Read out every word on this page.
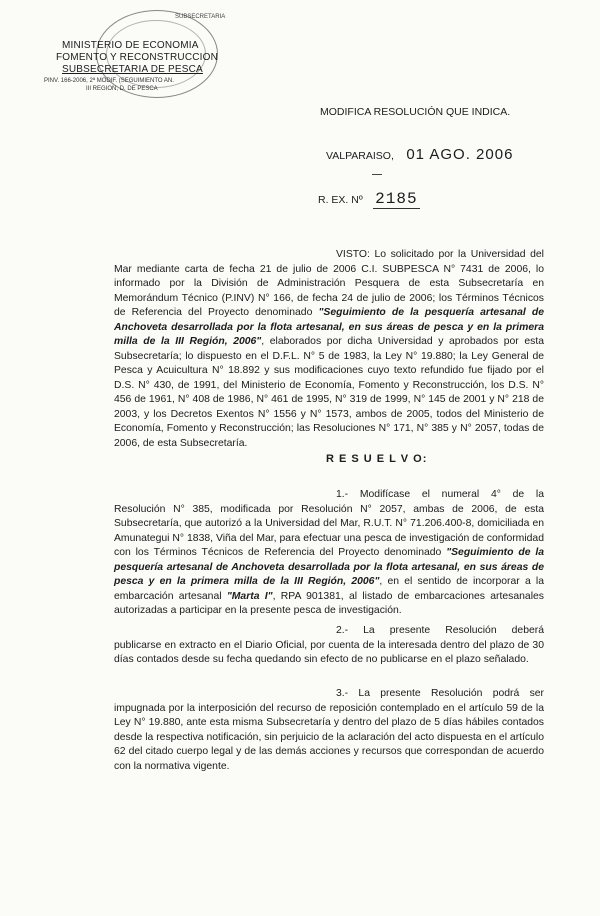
SUBSECRETARIA
MINISTERIO DE ECONOMIA
FOMENTO Y RECONSTRUCCION
SUBSECRETARIA DE PESCA
PINV. 166-2006, 2ª MODIF. (SEGUIMIENTO AN.
III REGION, D. DE PESCA
MODIFICA RESOLUCIÓN QUE INDICA.
VALPARAISO, 01 AGO. 2006
R. EX. Nº 2185

VISTO: Lo solicitado por la Universidad del Mar mediante carta de fecha 21 de julio de 2006 C.I. SUBPESCA N° 7431 de 2006, lo informado por la División de Administración Pesquera de esta Subsecretaría en Memorándum Técnico (P.INV) N° 166, de fecha 24 de julio de 2006; los Términos Técnicos de Referencia del Proyecto denominado "Seguimiento de la pesquería artesanal de Anchoveta desarrollada por la flota artesanal, en sus áreas de pesca y en la primera milla de la III Región, 2006", elaborados por dicha Universidad y aprobados por esta Subsecretaría; lo dispuesto en el D.F.L. N° 5 de 1983, la Ley N° 19.880; la Ley General de Pesca y Acuicultura N° 18.892 y sus modificaciones cuyo texto refundido fue fijado por el D.S. N° 430, de 1991, del Ministerio de Economía, Fomento y Reconstrucción, los D.S. N° 456 de 1961, N° 408 de 1986, N° 461 de 1995, N° 319 de 1999, N° 145 de 2001 y N° 218 de 2003, y los Decretos Exentos N° 1556 y N° 1573, ambos de 2005, todos del Ministerio de Economía, Fomento y Reconstrucción; las Resoluciones N° 171, N° 385 y N° 2057, todas de 2006, de esta Subsecretaría.

R E S U E L V O:

1.- Modifícase el numeral 4° de la Resolución N° 385, modificada por Resolución N° 2057, ambas de 2006, de esta Subsecretaría, que autorizó a la Universidad del Mar, R.U.T. N° 71.206.400-8, domiciliada en Amunategui N° 1838, Viña del Mar, para efectuar una pesca de investigación de conformidad con los Términos Técnicos de Referencia del Proyecto denominado "Seguimiento de la pesquería artesanal de Anchoveta desarrollada por la flota artesanal, en sus áreas de pesca y en la primera milla de la III Región, 2006", en el sentido de incorporar a la embarcación artesanal "Marta I", RPA 901381, al listado de embarcaciones artesanales autorizadas a participar en la presente pesca de investigación.

2.- La presente Resolución deberá publicarse en extracto en el Diario Oficial, por cuenta de la interesada dentro del plazo de 30 días contados desde su fecha quedando sin efecto de no publicarse en el plazo señalado.

3.- La presente Resolución podrá ser impugnada por la interposición del recurso de reposición contemplado en el artículo 59 de la Ley N° 19.880, ante esta misma Subsecretaría y dentro del plazo de 5 días hábiles contados desde la respectiva notificación, sin perjuicio de la aclaración del acto dispuesta en el artículo 62 del citado cuerpo legal y de las demás acciones y recursos que correspondan de acuerdo con la normativa vigente.
